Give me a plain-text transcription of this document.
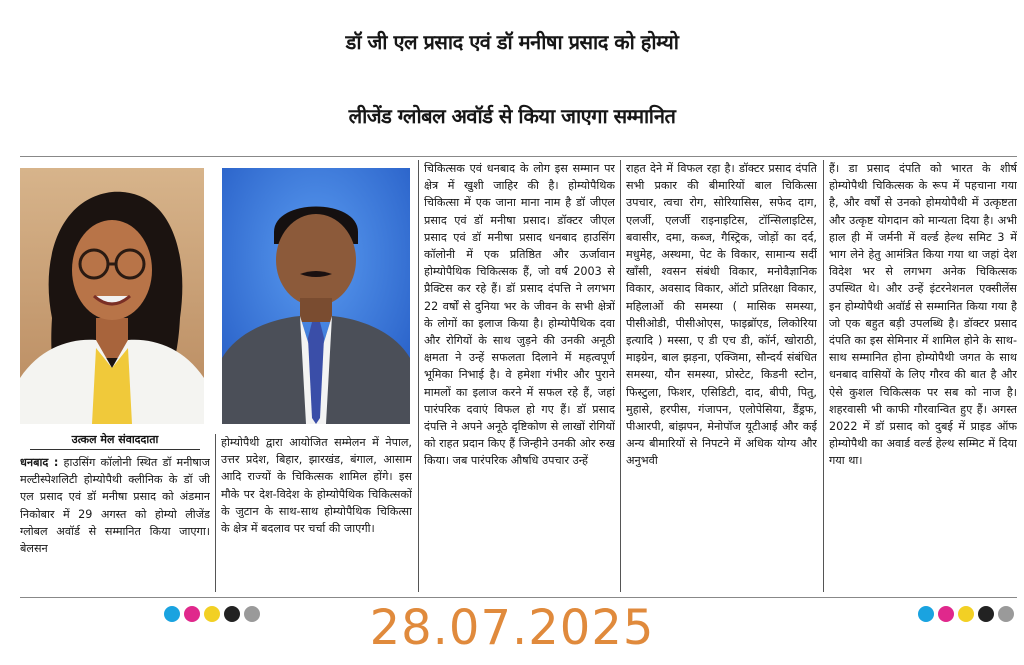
डॉ जी एल प्रसाद एवं डॉ मनीषा प्रसाद को होम्यो
लीजेंड ग्लोबल अवॉर्ड से किया जाएगा सम्मानित
उत्कल मेल संवाददाता
धनबाद : हाउसिंग कॉलोनी स्थित डॉ मनीषाज मल्टीस्पेशलिटी होम्योपैथी क्लीनिक के डॉ जी एल प्रसाद एवं डॉ मनीषा प्रसाद को अंडमान निकोबार में 29 अगस्त को होम्यो लीजेंड ग्लोबल अवॉर्ड से सम्मानित किया जाएगा। बेलसन
होम्योपैथी द्वारा आयोजित सम्मेलन में नेपाल, उत्तर प्रदेश, बिहार, झारखंड, बंगाल, आसाम आदि राज्यों के चिकित्सक शामिल होंगे। इस मौके पर देश-विदेश के होम्योपैथिक चिकित्सकों के जुटान के साथ-साथ होम्योपैथिक चिकित्सा के क्षेत्र में बदलाव पर चर्चा की जाएगी।
चिकित्सक एवं धनबाद के लोग इस सम्मान पर क्षेत्र में खुशी जाहिर की है। होम्योपैथिक चिकित्सा में एक जाना माना नाम है डॉ जीएल प्रसाद एवं डॉ मनीषा प्रसाद। डॉक्टर जीएल प्रसाद एवं डॉ मनीषा प्रसाद धनबाद हाउसिंग कॉलोनी में एक प्रतिष्ठित और ऊर्जावान होम्योपैथिक चिकित्सक हैं, जो वर्ष 2003 से प्रैक्टिस कर रहे हैं। डॉ प्रसाद दंपत्ति ने लगभग 22 वर्षों से दुनिया भर के जीवन के सभी क्षेत्रों के लोगों का इलाज किया है। होम्योपैथिक दवा और रोगियों के साथ जुड़ने की उनकी अनूठी क्षमता ने उन्हें सफलता दिलाने में महत्वपूर्ण भूमिका निभाई है। वे हमेशा गंभीर और पुराने मामलों का इलाज करने में सफल रहे हैं, जहां पारंपरिक दवाएं विफल हो गए हैं। डॉ प्रसाद दंपत्ति ने अपने अनूठे दृष्टिकोण से लाखों रोगियों को राहत प्रदान किए हैं जिन्हीने उनकी ओर रुख किया। जब पारंपरिक औषधि उपचार उन्हें
राहत देने में विफल रहा है। डॉक्टर प्रसाद दंपति सभी प्रकार की बीमारियों बाल चिकित्सा उपचार, त्वचा रोग, सोरियासिस, सफेद दाग, एलर्जी, एलर्जी राइनाइटिस, टॉन्सिलाइटिस, बवासीर, दमा, कब्ज, गैस्ट्रिक, जोड़ों का दर्द, मधुमेह, अस्थमा, पेट के विकार, सामान्य सर्दी खाँसी, श्वसन संबंधी विकार, मनोवैज्ञानिक विकार, अवसाद विकार, ऑटो प्रतिरक्षा विकार, महिलाओं की समस्या ( मासिक समस्या, पीसीओडी, पीसीओएस, फाइब्रॉएड, लिकोरिया इत्यादि ) मस्सा, ए डी एच डी, कॉर्न, खोराठी, माइग्रेन, बाल झड़ना, एक्जिमा, सौन्दर्य संबंधित समस्या, यौन समस्या, प्रोस्टेट, किडनी स्टोन, फिस्टुला, फिशर, एसिडिटी, दाद, बीपी, पितु, मुहासे, हरपीस, गंजापन, एलोपेसिया, डैंड्रफ, पीआरपी, बांझपन, मेनोपॉज यूटीआई और कई अन्य बीमारियों से निपटने में अधिक योग्य और अनुभवी
हैं। डा प्रसाद दंपति को भारत के शीर्ष होम्योपैथी चिकित्सक के रूप में पहचाना गया है, और वर्षों से उनको होमयोपैथी में उत्कृष्टता और उत्कृष्ट योगदान को मान्यता दिया है। अभी हाल ही में जर्मनी में वर्ल्ड हेल्थ समिट 3 में भाग लेने हेतु आमंत्रित किया गया था जहां देश विदेश भर से लगभग अनेक चिकित्सक उपस्थित थे। और उन्हें इंटरनेशनल एक्सीलेंस इन होम्योपैथी अवॉर्ड से सम्मानित किया गया है जो एक बहुत बड़ी उपलब्धि है। डॉक्टर प्रसाद दंपति का इस सेमिनार में शामिल होने के साथ-साथ सम्मानित होना होम्योपैथी जगत के साथ धनबाद वासियों के लिए गौरव की बात है और ऐसे कुशल चिकित्सक पर सब को नाज है। शहरवासी भी काफी गौरवान्वित हुए हैं। अगस्त 2022 में डॉ प्रसाद को दुबई में प्राइड ऑफ होम्योपैथी का अवार्ड वर्ल्ड हेल्थ सम्मिट में दिया गया था।
28.07.2025
